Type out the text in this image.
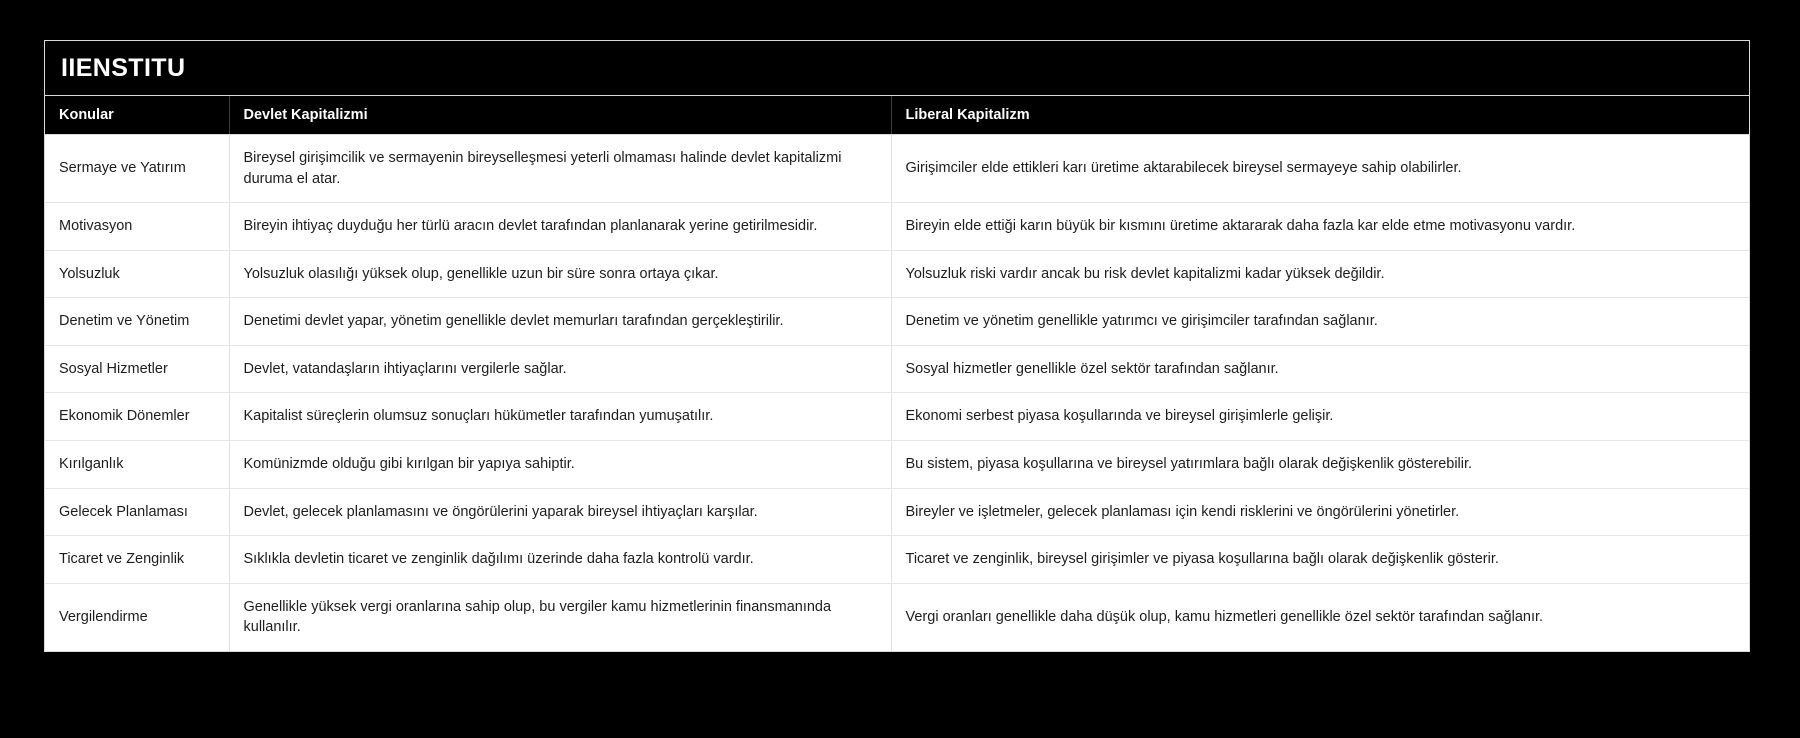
IIENSTITU
Konular	Devlet Kapitalizmi	Liberal Kapitalizm
Sermaye ve Yatırım	Bireysel girişimcilik ve sermayenin bireyselleşmesi yeterli olmaması halinde devlet kapitalizmi duruma el atar.	Girişimciler elde ettikleri karı üretime aktarabilecek bireysel sermayeye sahip olabilirler.
Motivasyon	Bireyin ihtiyaç duyduğu her türlü aracın devlet tarafından planlanarak yerine getirilmesidir.	Bireyin elde ettiği karın büyük bir kısmını üretime aktararak daha fazla kar elde etme motivasyonu vardır.
Yolsuzluk	Yolsuzluk olasılığı yüksek olup, genellikle uzun bir süre sonra ortaya çıkar.	Yolsuzluk riski vardır ancak bu risk devlet kapitalizmi kadar yüksek değildir.
Denetim ve Yönetim	Denetimi devlet yapar, yönetim genellikle devlet memurları tarafından gerçekleştirilir.	Denetim ve yönetim genellikle yatırımcı ve girişimciler tarafından sağlanır.
Sosyal Hizmetler	Devlet, vatandaşların ihtiyaçlarını vergilerle sağlar.	Sosyal hizmetler genellikle özel sektör tarafından sağlanır.
Ekonomik Dönemler	Kapitalist süreçlerin olumsuz sonuçları hükümetler tarafından yumuşatılır.	Ekonomi serbest piyasa koşullarında ve bireysel girişimlerle gelişir.
Kırılganlık	Komünizmde olduğu gibi kırılgan bir yapıya sahiptir.	Bu sistem, piyasa koşullarına ve bireysel yatırımlara bağlı olarak değişkenlik gösterebilir.
Gelecek Planlaması	Devlet, gelecek planlamasını ve öngörülerini yaparak bireysel ihtiyaçları karşılar.	Bireyler ve işletmeler, gelecek planlaması için kendi risklerini ve öngörülerini yönetirler.
Ticaret ve Zenginlik	Sıklıkla devletin ticaret ve zenginlik dağılımı üzerinde daha fazla kontrolü vardır.	Ticaret ve zenginlik, bireysel girişimler ve piyasa koşullarına bağlı olarak değişkenlik gösterir.
Vergilendirme	Genellikle yüksek vergi oranlarına sahip olup, bu vergiler kamu hizmetlerinin finansmanında kullanılır.	Vergi oranları genellikle daha düşük olup, kamu hizmetleri genellikle özel sektör tarafından sağlanır.
